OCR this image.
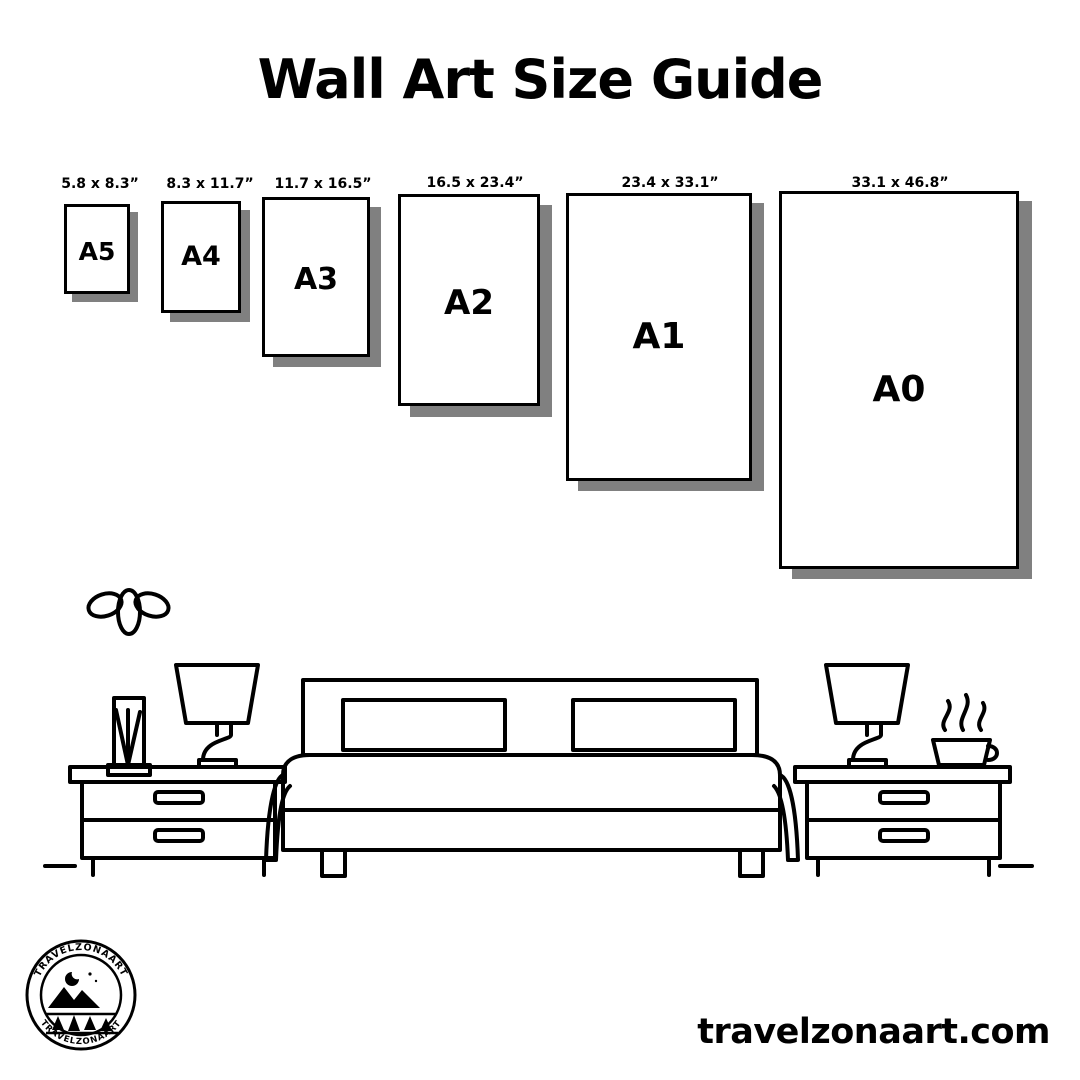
Wall Art Size Guide
5.8 x 8.3”
A5
8.3 x 11.7”
A4
11.7 x 16.5”
A3
16.5 x 23.4”
A2
23.4 x 33.1”
A1
33.1 x 46.8”
A0
TRAVELZONAART
TRAVELZONAART	travelzonaart.com
